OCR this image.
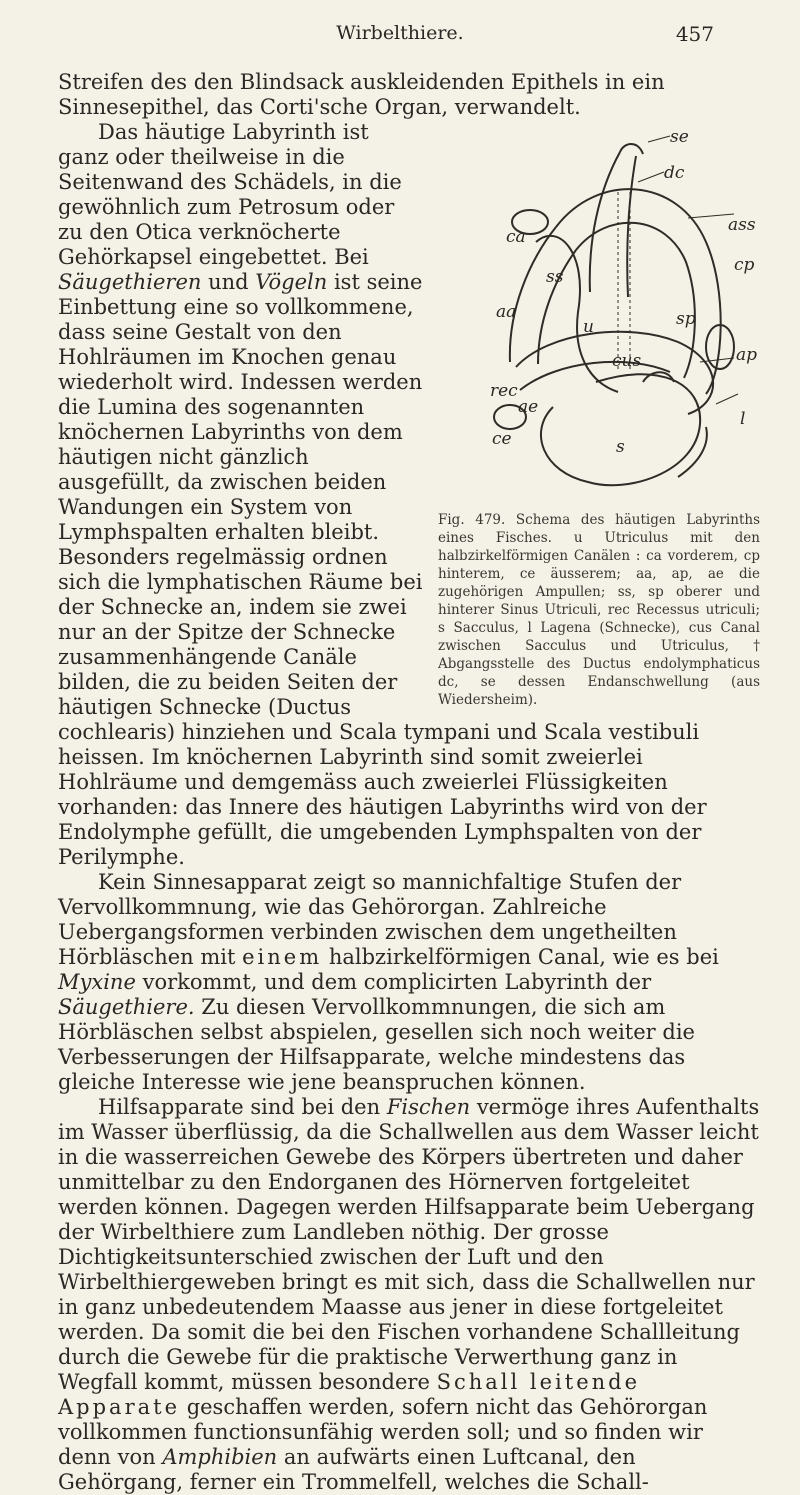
Wirbelthiere.	457

Streifen des den Blindsack auskleidenden Epithels in ein Sinnesepithel, das Corti'sche Organ, verwandelt.

se
dc
ass
ca
cp
aa
ss
u	sp
ap
cus
rec
ae
ce	s
l
Fig. 479. Schema des häutigen Labyrinths eines Fisches. u Utriculus mit den halbzirkelförmigen Canälen : ca vorderem, cp hinterem, ce äusserem; aa, ap, ae die zugehörigen Ampullen; ss, sp oberer und hinterer Sinus Utriculi, rec Recessus utriculi; s Sacculus, l Lagena (Schnecke), cus Canal zwischen Sacculus und Utriculus, † Abgangsstelle des Ductus endolymphaticus dc, se dessen Endanschwellung (aus Wiedersheim).

Das häutige Labyrinth ist ganz oder theilweise in die Seitenwand des Schädels, in die gewöhnlich zum Petrosum oder zu den Otica verknöcherte Gehörkapsel eingebettet. Bei Säugethieren und Vögeln ist seine Einbettung eine so vollkommene, dass seine Gestalt von den Hohlräumen im Knochen genau wiederholt wird. Indessen werden die Lumina des sogenannten knöchernen Labyrinths von dem häutigen nicht gänzlich ausgefüllt, da zwischen beiden Wandungen ein System von Lymphspalten erhalten bleibt. Besonders regelmässig ordnen sich die lymphatischen Räume bei der Schnecke an, indem sie zwei nur an der Spitze der Schnecke zusammenhängende Canäle bilden, die zu beiden Seiten der häutigen Schnecke (Ductus cochlearis) hinziehen und Scala tympani und Scala vestibuli heissen. Im knöchernen Labyrinth sind somit zweierlei Hohlräume und demgemäss auch zweierlei Flüssigkeiten vorhanden: das Innere des häutigen Labyrinths wird von der Endolymphe gefüllt, die umgebenden Lymphspalten von der Perilymphe.

Kein Sinnesapparat zeigt so mannichfaltige Stufen der Vervollkommnung, wie das Gehörorgan. Zahlreiche Uebergangsformen verbinden zwischen dem ungetheilten Hörbläschen mit einem halbzirkelförmigen Canal, wie es bei Myxine vorkommt, und dem complicirten Labyrinth der Säugethiere. Zu diesen Vervollkommnungen, die sich am Hörbläschen selbst abspielen, gesellen sich noch weiter die Verbesserungen der Hilfsapparate, welche mindestens das gleiche Interesse wie jene beanspruchen können.

Hilfsapparate sind bei den Fischen vermöge ihres Aufenthalts im Wasser überflüssig, da die Schallwellen aus dem Wasser leicht in die wasserreichen Gewebe des Körpers übertreten und daher unmittelbar zu den Endorganen des Hörnerven fortgeleitet werden können. Dagegen werden Hilfsapparate beim Uebergang der Wirbelthiere zum Landleben nöthig. Der grosse Dichtigkeitsunterschied zwischen der Luft und den Wirbelthiergeweben bringt es mit sich, dass die Schallwellen nur in ganz unbedeutendem Maasse aus jener in diese fortgeleitet werden. Da somit die bei den Fischen vorhandene Schallleitung durch die Gewebe für die praktische Verwerthung ganz in Wegfall kommt, müssen besondere Schall leitende Apparate geschaffen werden, sofern nicht das Gehörorgan vollkommen functionsunfähig werden soll; und so finden wir denn von Amphibien an aufwärts einen Luftcanal, den Gehörgang, ferner ein Trommelfell, welches die Schall-
